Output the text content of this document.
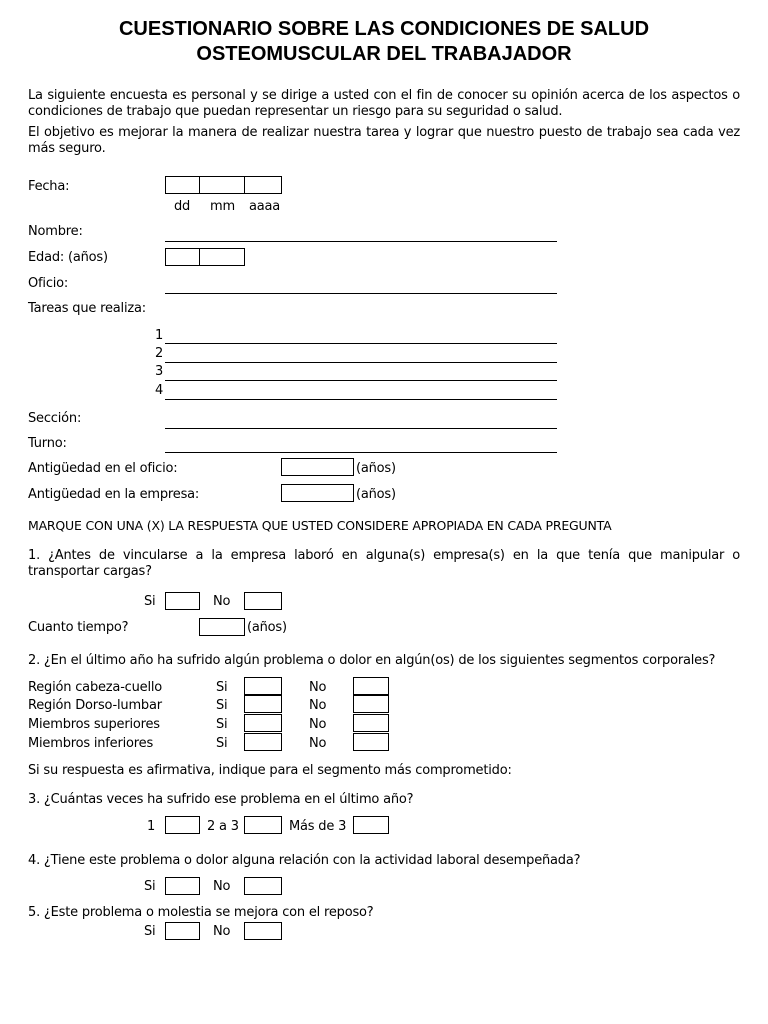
CUESTIONARIO SOBRE LAS CONDICIONES DE SALUD
OSTEOMUSCULAR DEL TRABAJADOR
La siguiente encuesta es personal y se dirige a usted con el fin de conocer su opinión acerca de los aspectos o condiciones de trabajo que puedan representar un riesgo para su seguridad o salud.
El objetivo es mejorar la manera de realizar nuestra tarea y lograr que nuestro puesto de trabajo sea cada vez más seguro.
Fecha:
dd mm aaaa
Nombre:
Edad: (años)
Oficio:
Tareas que realiza:
1
2
3
4
Sección:
Turno:
Antigüedad en el oficio:	(años)
Antigüedad en la empresa:	(años)
MARQUE CON UNA (X) LA RESPUESTA QUE USTED CONSIDERE APROPIADA EN CADA PREGUNTA
1. ¿Antes de vincularse a la empresa laboró en alguna(s) empresa(s) en la que tenía que manipular o transportar cargas?
Si	No
Cuanto tiempo?	(años)
2. ¿En el último año ha sufrido algún problema o dolor en algún(os) de los siguientes segmentos corporales?
Región cabeza-cuello	Si	No
Región Dorso-lumbar	Si	No
Miembros superiores	Si	No
Miembros inferiores	Si	No
Si su respuesta es afirmativa, indique para el segmento más comprometido:
3. ¿Cuántas veces ha sufrido ese problema en el último año?
1	2 a 3	Más de 3
4. ¿Tiene este problema o dolor alguna relación con la actividad laboral desempeñada?
Si	No
5. ¿Este problema o molestia se mejora con el reposo?
Si	No
